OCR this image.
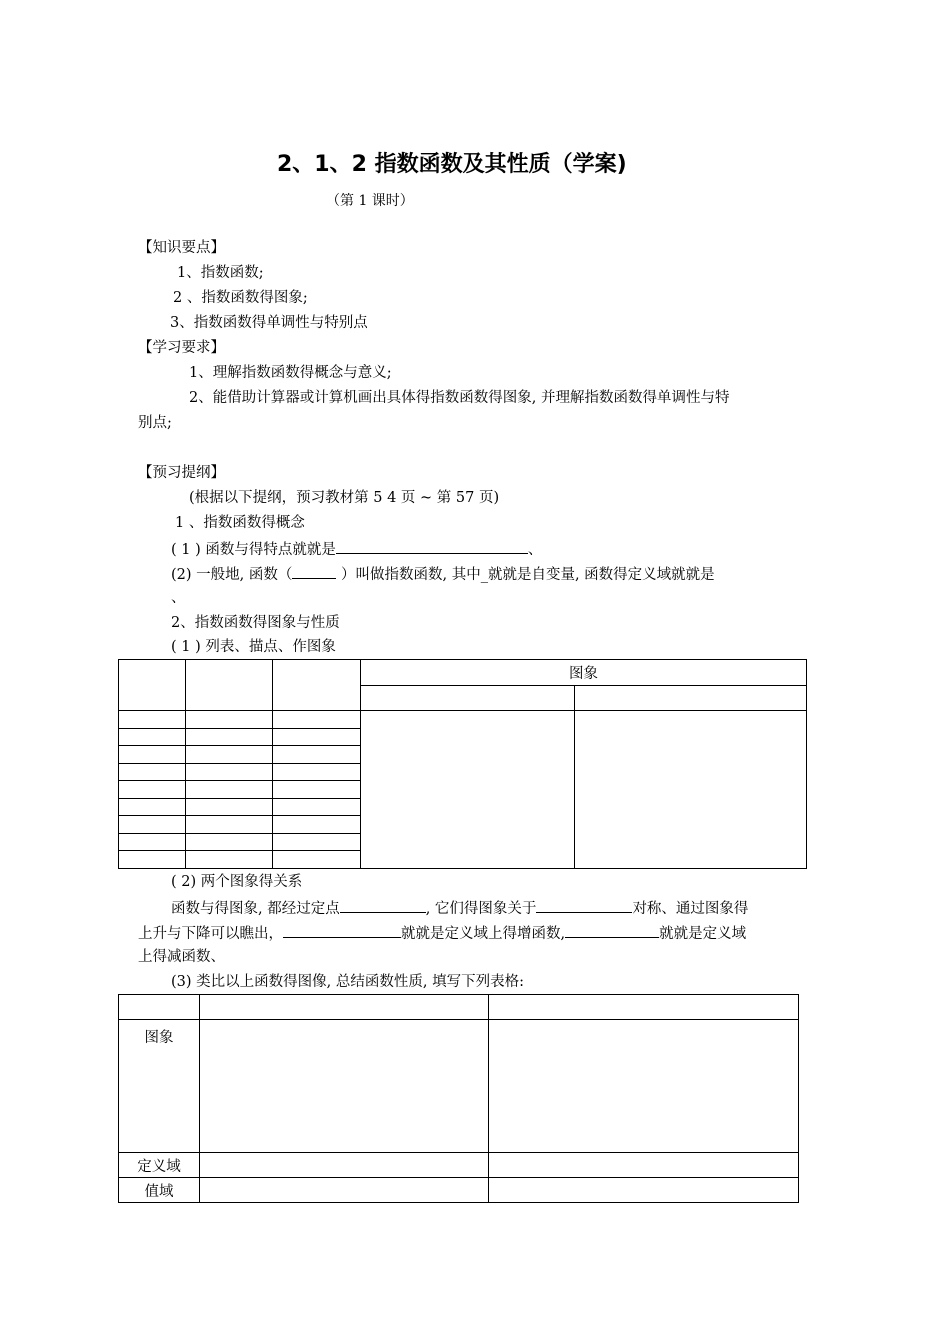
2、1、2 指数函数及其性质（学案)
（第 1 课时）
【知识要点】
1、指数函数;
2 、指数函数得图象;
3、指数函数得单调性与特别点
【学习要求】
1、理解指数函数得概念与意义;
2、能借助计算器或计算机画出具体得指数函数得图象, 并理解指数函数得单调性与特
别点;
【预习提纲】
(根据以下提纲，预习教材第 5 4 页 ~ 第 57 页)
1 、指数函数得概念
( 1 ) 函数与得特点就就是	、
(2) 一般地, 函数（	）叫做指数函数, 其中_就就是自变量, 函数得定义域就就是
、
2、指数函数得图象与性质
( 1 ) 列表、描点、作图象
			图象	

( 2) 两个图象得关系
函数与得图象, 都经过定点	, 它们得图象关于	对称、通过图象得
上升与下降可以瞧出，	就就是定义域上得增函数,	就就是定义域
上得减函数、
(3) 类比以上函数得图像, 总结函数性质, 填写下列表格:

图象		
定义域		
值域		
